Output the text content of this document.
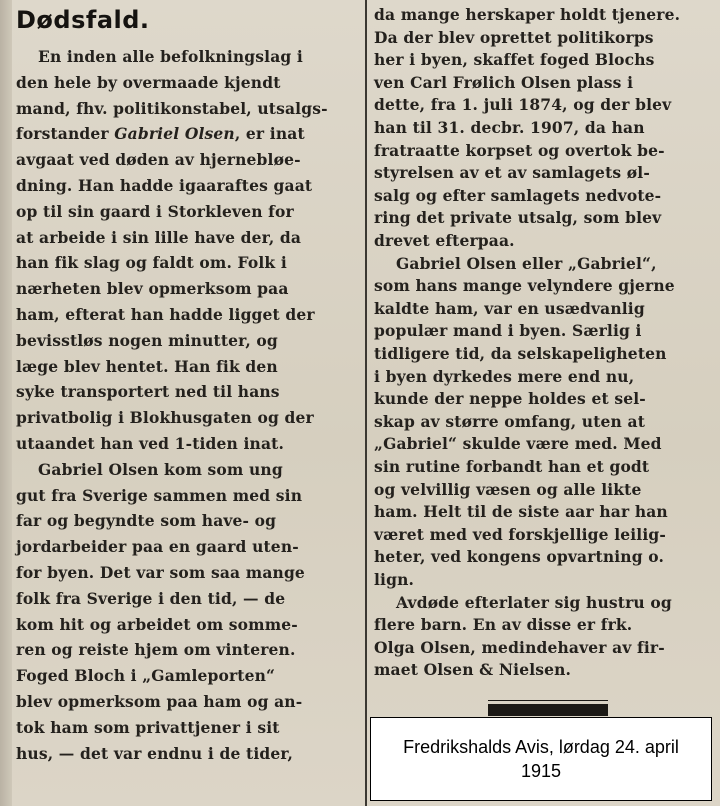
Dødsfald.
En inden alle befolkningslag i
den hele by overmaade kjendt
mand, fhv. politikonstabel, utsalgs-
forstander Gabriel Olsen, er inat
avgaat ved døden av hjernebløe-
dning. Han hadde igaaraftes gaat
op til sin gaard i Storkleven for
at arbeide i sin lille have der, da
han fik slag og faldt om. Folk i
nærheten blev opmerksom paa
ham, efterat han hadde ligget der
bevisstløs nogen minutter, og
læge blev hentet. Han fik den
syke transportert ned til hans
privatbolig i Blokhusgaten og der
utaandet han ved 1-tiden inat.
Gabriel Olsen kom som ung
gut fra Sverige sammen med sin
far og begyndte som have- og
jordarbeider paa en gaard uten-
for byen. Det var som saa mange
folk fra Sverige i den tid, — de
kom hit og arbeidet om somme-
ren og reiste hjem om vinteren.
Foged Bloch i „Gamleporten“
blev opmerksom paa ham og an-
tok ham som privattjener i sit
hus, — det var endnu i de tider,
da mange herskaper holdt tjenere.
Da der blev oprettet politikorps
her i byen, skaffet foged Blochs
ven Carl Frølich Olsen plass i
dette, fra 1. juli 1874, og der blev
han til 31. decbr. 1907, da han
fratraatte korpset og overtok be-
styrelsen av et av samlagets øl-
salg og efter samlagets nedvote-
ring det private utsalg, som blev
drevet efterpaa.
Gabriel Olsen eller „Gabriel“,
som hans mange velyndere gjerne
kaldte ham, var en usædvanlig
populær mand i byen. Særlig i
tidligere tid, da selskapeligheten
i byen dyrkedes mere end nu,
kunde der neppe holdes et sel-
skap av større omfang, uten at
„Gabriel“ skulde være med. Med
sin rutine forbandt han et godt
og velvillig væsen og alle likte
ham. Helt til de siste aar har han
været med ved forskjellige leilig-
heter, ved kongens opvartning o.
lign.
Avdøde efterlater sig hustru og
flere barn. En av disse er frk.
Olga Olsen, medindehaver av fir-
maet Olsen & Nielsen.
Fredrikshalds Avis, lørdag 24. april 1915
